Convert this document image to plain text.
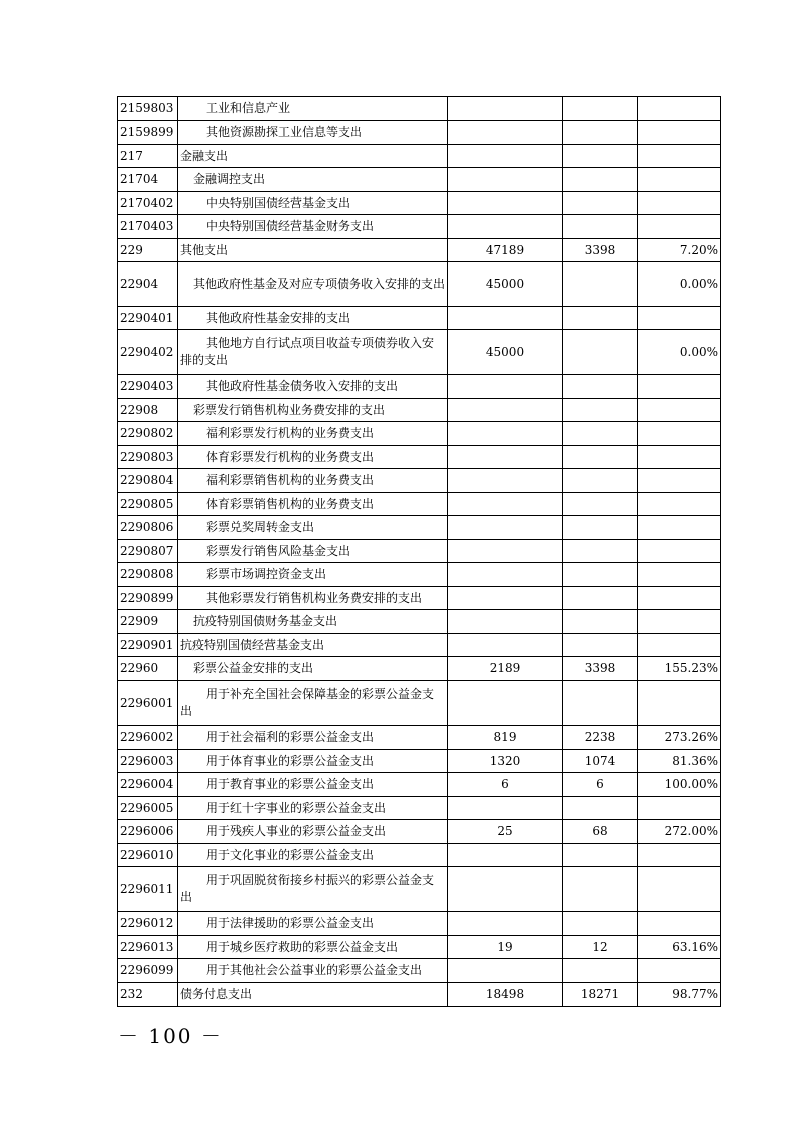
2159803	工业和信息产业			
2159899	其他资源勘探工业信息等支出			
217	金融支出			
21704	金融调控支出			
2170402	中央特别国债经营基金支出			
2170403	中央特别国债经营基金财务支出			
229	其他支出	47189	3398	7.20%
22904	其他政府性基金及对应专项债务收入安排的支出	45000		0.00%
2290401	其他政府性基金安排的支出			
2290402	其他地方自行试点项目收益专项债券收入安排的支出	45000		0.00%
2290403	其他政府性基金债务收入安排的支出			
22908	彩票发行销售机构业务费安排的支出			
2290802	福利彩票发行机构的业务费支出			
2290803	体育彩票发行机构的业务费支出			
2290804	福利彩票销售机构的业务费支出			
2290805	体育彩票销售机构的业务费支出			
2290806	彩票兑奖周转金支出			
2290807	彩票发行销售风险基金支出			
2290808	彩票市场调控资金支出			
2290899	其他彩票发行销售机构业务费安排的支出			
22909	抗疫特别国债财务基金支出			
2290901	抗疫特别国债经营基金支出			
22960	彩票公益金安排的支出	2189	3398	155.23%
2296001	用于补充全国社会保障基金的彩票公益金支出			
2296002	用于社会福利的彩票公益金支出	819	2238	273.26%
2296003	用于体育事业的彩票公益金支出	1320	1074	81.36%
2296004	用于教育事业的彩票公益金支出	6	6	100.00%
2296005	用于红十字事业的彩票公益金支出			
2296006	用于残疾人事业的彩票公益金支出	25	68	272.00%
2296010	用于文化事业的彩票公益金支出			
2296011	用于巩固脱贫衔接乡村振兴的彩票公益金支出			
2296012	用于法律援助的彩票公益金支出			
2296013	用于城乡医疗救助的彩票公益金支出	19	12	63.16%
2296099	用于其他社会公益事业的彩票公益金支出			
232	债务付息支出	18498	18271	98.77%
－ 100 －
